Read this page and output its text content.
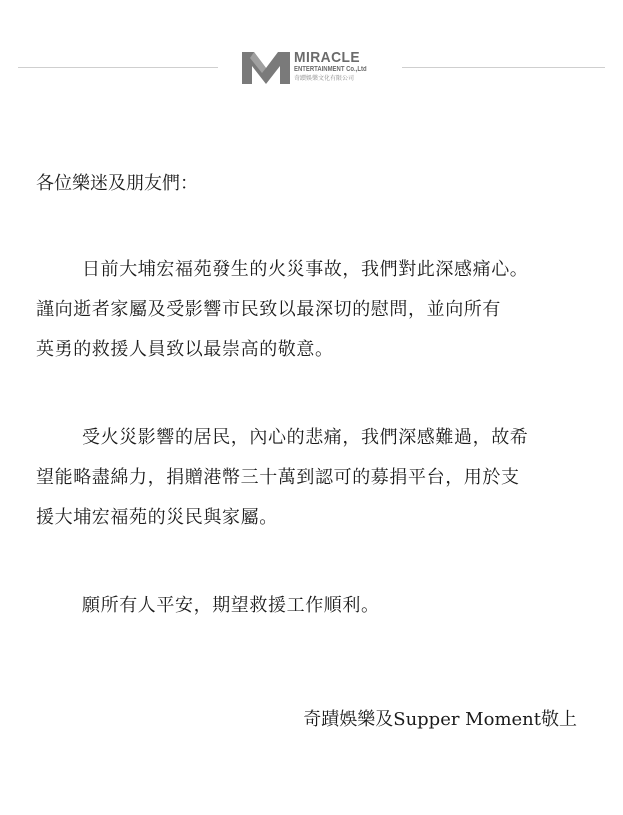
MIRACLE
ENTERTAINMENT Co.,Ltd
奇蹟娛樂文化有限公司

各位樂迷及朋友們：

日前大埔宏福苑發生的火災事故，我們對此深感痛心。
謹向逝者家屬及受影響市民致以最深切的慰問，並向所有
英勇的救援人員致以最崇高的敬意。

受火災影響的居民，內心的悲痛，我們深感難過，故希
望能略盡綿力，捐贈港幣三十萬到認可的募捐平台，用於支
援大埔宏福苑的災民與家屬。

願所有人平安，期望救援工作順利。

奇蹟娛樂及Supper Moment敬上
